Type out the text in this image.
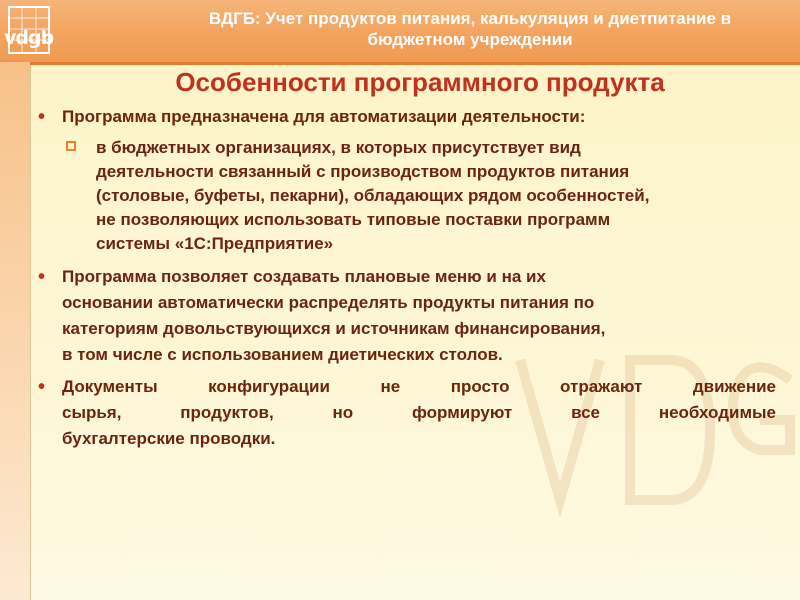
vdgb
ВДГБ: Учет продуктов питания, калькуляция и диетпитание в
бюджетном учреждении
Особенности программного продукта
• Программа предназначена для автоматизации деятельности:
в бюджетных организациях, в которых присутствует вид
деятельности связанный с производством продуктов питания
(столовые, буфеты, пекарни), обладающих рядом особенностей,
не позволяющих использовать типовые поставки программ
системы «1С:Предприятие»
• Программа позволяет создавать плановые меню и на их
основании автоматически распределять продукты питания по
категориям довольствующихся и источникам финансирования,
в том числе с использованием диетических столов.
• Документы конфигурации не просто отражают движение
сырья, продуктов, но формируют все необходимые
бухгалтерские проводки.
